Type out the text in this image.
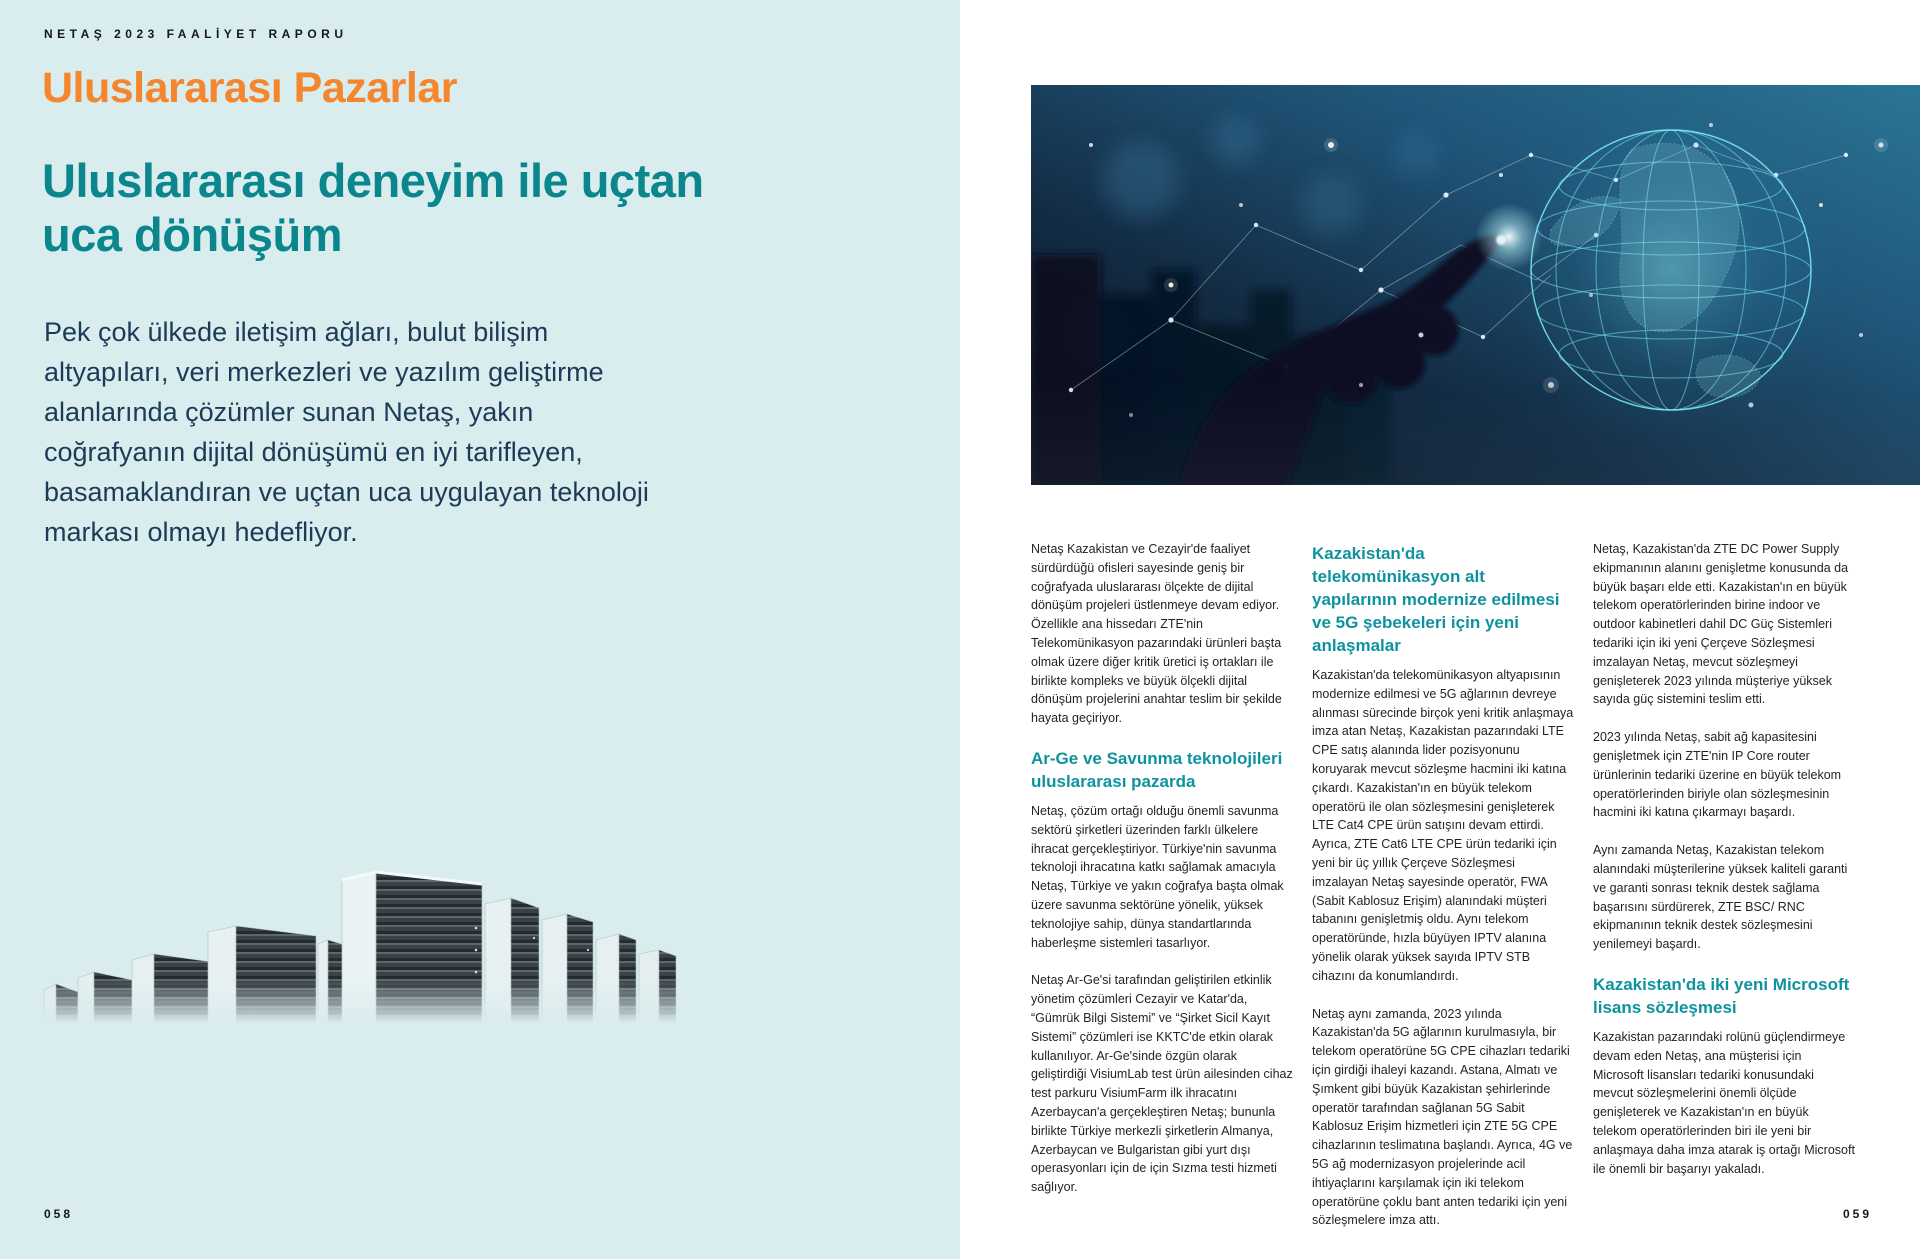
NETAŞ 2023 FAALİYET RAPORU
Uluslararası Pazarlar
Uluslararası deneyim ile uçtan uca dönüşüm
Pek çok ülkede iletişim ağları, bulut bilişim altyapıları, veri merkezleri ve yazılım geliştirme alanlarında çözümler sunan Netaş, yakın coğrafyanın dijital dönüşümü en iyi tarifleyen, basamaklandıran ve uçtan uca uygulayan teknoloji markası olmayı hedefliyor.
058
Netaş Kazakistan ve Cezayir'de faaliyet sürdürdüğü ofisleri sayesinde geniş bir coğrafyada uluslararası ölçekte de dijital dönüşüm projeleri üstlenmeye devam ediyor. Özellikle ana hissedarı ZTE'nin Telekomünikasyon pazarındaki ürünleri başta olmak üzere diğer kritik üretici iş ortakları ile birlikte kompleks ve büyük ölçekli dijital dönüşüm projelerini anahtar teslim bir şekilde hayata geçiriyor.
Ar-Ge ve Savunma teknolojileri uluslararası pazarda
Netaş, çözüm ortağı olduğu önemli savunma sektörü şirketleri üzerinden farklı ülkelere ihracat gerçekleştiriyor. Türkiye'nin savunma teknoloji ihracatına katkı sağlamak amacıyla Netaş, Türkiye ve yakın coğrafya başta olmak üzere savunma sektörüne yönelik, yüksek teknolojiye sahip, dünya standartlarında haberleşme sistemleri tasarlıyor.
Netaş Ar-Ge'si tarafından geliştirilen etkinlik yönetim çözümleri Cezayir ve Katar'da, “Gümrük Bilgi Sistemi” ve “Şirket Sicil Kayıt Sistemi” çözümleri ise KKTC'de etkin olarak kullanılıyor. Ar-Ge'sinde özgün olarak geliştirdiği VisiumLab test ürün ailesinden cihaz test parkuru VisiumFarm ilk ihracatını Azerbaycan'a gerçekleştiren Netaş; bununla birlikte Türkiye merkezli şirketlerin Almanya, Azerbaycan ve Bulgaristan gibi yurt dışı operasyonları için de için Sızma testi hizmeti sağlıyor.
Kazakistan'da telekomünikasyon alt yapılarının modernize edilmesi ve 5G şebekeleri için yeni anlaşmalar
Kazakistan'da telekomünikasyon altyapısının modernize edilmesi ve 5G ağlarının devreye alınması sürecinde birçok yeni kritik anlaşmaya imza atan Netaş, Kazakistan pazarındaki LTE CPE satış alanında lider pozisyonunu koruyarak mevcut sözleşme hacmini iki katına çıkardı. Kazakistan'ın en büyük telekom operatörü ile olan sözleşmesini genişleterek LTE Cat4 CPE ürün satışını devam ettirdi. Ayrıca, ZTE Cat6 LTE CPE ürün tedariki için yeni bir üç yıllık Çerçeve Sözleşmesi imzalayan Netaş sayesinde operatör, FWA (Sabit Kablosuz Erişim) alanındaki müşteri tabanını genişletmiş oldu. Aynı telekom operatöründe, hızla büyüyen IPTV alanına yönelik olarak yüksek sayıda IPTV STB cihazını da konumlandırdı.
Netaş aynı zamanda, 2023 yılında Kazakistan'da 5G ağlarının kurulmasıyla, bir telekom operatörüne 5G CPE cihazları tedariki için girdiği ihaleyi kazandı. Astana, Almatı ve Şımkent gibi büyük Kazakistan şehirlerinde operatör tarafından sağlanan 5G Sabit Kablosuz Erişim hizmetleri için ZTE 5G CPE cihazlarının teslimatına başlandı. Ayrıca, 4G ve 5G ağ modernizasyon projelerinde acil ihtiyaçlarını karşılamak için iki telekom operatörüne çoklu bant anten tedariki için yeni sözleşmelere imza attı.
Netaş, Kazakistan'da ZTE DC Power Supply ekipmanının alanını genişletme konusunda da büyük başarı elde etti. Kazakistan'ın en büyük telekom operatörlerinden birine indoor ve outdoor kabinetleri dahil DC Güç Sistemleri tedariki için iki yeni Çerçeve Sözleşmesi imzalayan Netaş, mevcut sözleşmeyi genişleterek 2023 yılında müşteriye yüksek sayıda güç sistemini teslim etti.
2023 yılında Netaş, sabit ağ kapasitesini genişletmek için ZTE'nin IP Core router ürünlerinin tedariki üzerine en büyük telekom operatörlerinden biriyle olan sözleşmesinin hacmini iki katına çıkarmayı başardı.
Aynı zamanda Netaş, Kazakistan telekom alanındaki müşterilerine yüksek kaliteli garanti ve garanti sonrası teknik destek sağlama başarısını sürdürerek, ZTE BSC/ RNC ekipmanının teknik destek sözleşmesini yenilemeyi başardı.
Kazakistan'da iki yeni Microsoft lisans sözleşmesi
Kazakistan pazarındaki rolünü güçlendirmeye devam eden Netaş, ana müşterisi için Microsoft lisansları tedariki konusundaki mevcut sözleşmelerini önemli ölçüde genişleterek ve Kazakistan'ın en büyük telekom operatörlerinden biri ile yeni bir anlaşmaya daha imza atarak iş ortağı Microsoft ile önemli bir başarıyı yakaladı.
059
